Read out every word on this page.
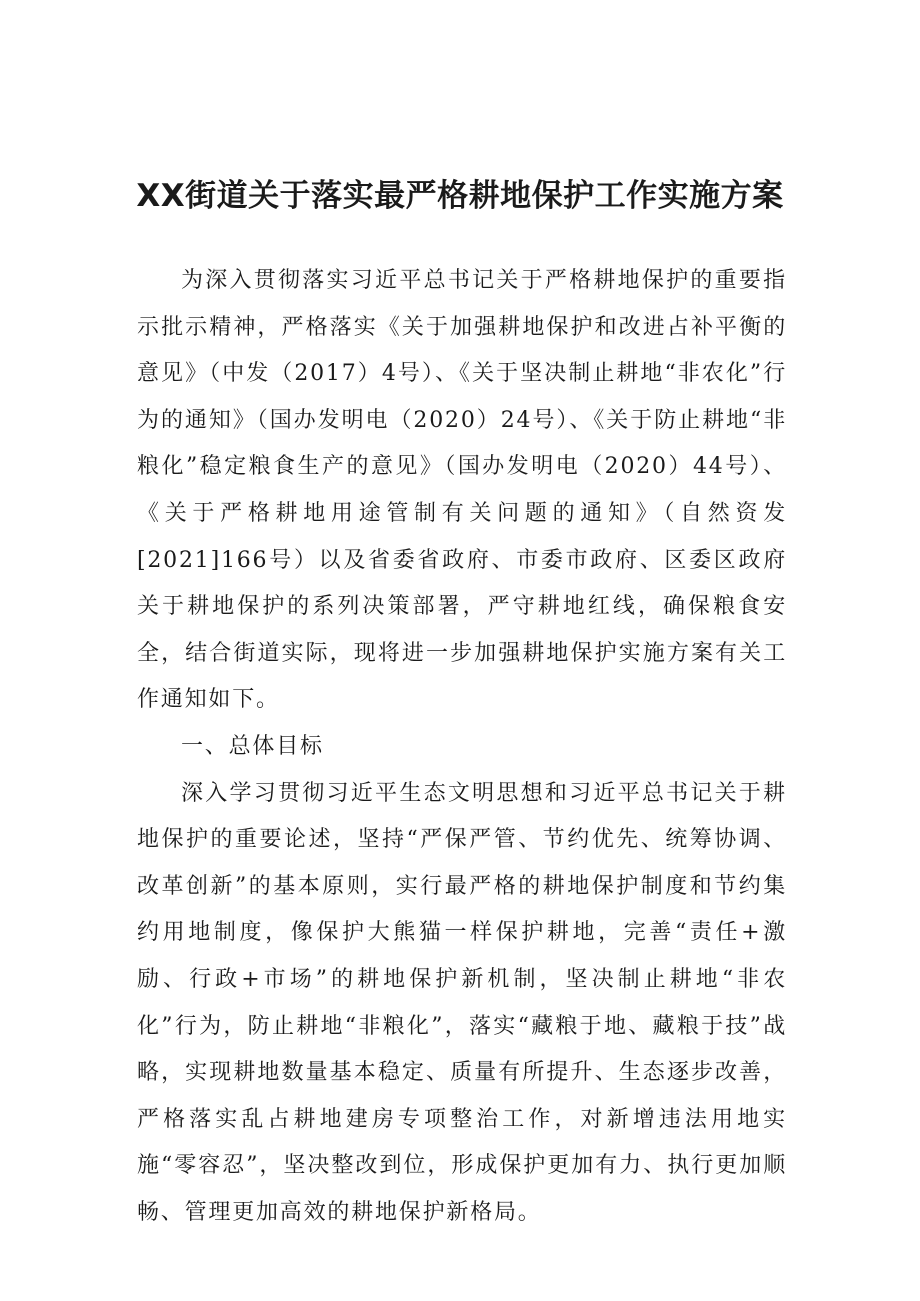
XX街道关于落实最严格耕地保护工作实施方案

为深入贯彻落实习近平总书记关于严格耕地保护的重要指示批示精神，严格落实《关于加强耕地保护和改进占补平衡的意见》（中发（2017）4号）、《关于坚决制止耕地“非农化”行为的通知》（国办发明电（2020）24号）、《关于防止耕地“非粮化”稳定粮食生产的意见》（国办发明电（2020）44号）、《关于严格耕地用途管制有关问题的通知》（自然资发[2021]166号）以及省委省政府、市委市政府、区委区政府关于耕地保护的系列决策部署，严守耕地红线，确保粮食安全，结合街道实际，现将进一步加强耕地保护实施方案有关工作通知如下。

一、总体目标

深入学习贯彻习近平生态文明思想和习近平总书记关于耕地保护的重要论述，坚持“严保严管、节约优先、统筹协调、改革创新”的基本原则，实行最严格的耕地保护制度和节约集约用地制度，像保护大熊猫一样保护耕地，完善“责任+激励、行政+市场”的耕地保护新机制，坚决制止耕地“非农化”行为，防止耕地“非粮化”，落实“藏粮于地、藏粮于技”战略，实现耕地数量基本稳定、质量有所提升、生态逐步改善，严格落实乱占耕地建房专项整治工作，对新增违法用地实施“零容忍”，坚决整改到位，形成保护更加有力、执行更加顺畅、管理更加高效的耕地保护新格局。
